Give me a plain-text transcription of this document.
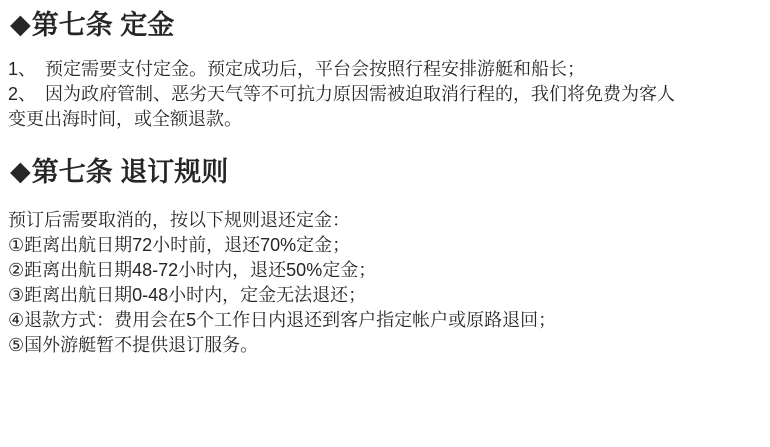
◆第七条 定金
1、　预定需要支付定金。预定成功后，平台会按照行程安排游艇和船长；
2、　因为政府管制、恶劣天气等不可抗力原因需被迫取消行程的，我们将免费为客人
变更出海时间，或全额退款。
◆第七条 退订规则
预订后需要取消的，按以下规则退还定金：
①距离出航日期72小时前，退还70%定金；
②距离出航日期48-72小时内，退还50%定金；
③距离出航日期0-48小时内，定金无法退还；
④退款方式：费用会在5个工作日内退还到客户指定帐户或原路退回；
⑤国外游艇暂不提供退订服务。
